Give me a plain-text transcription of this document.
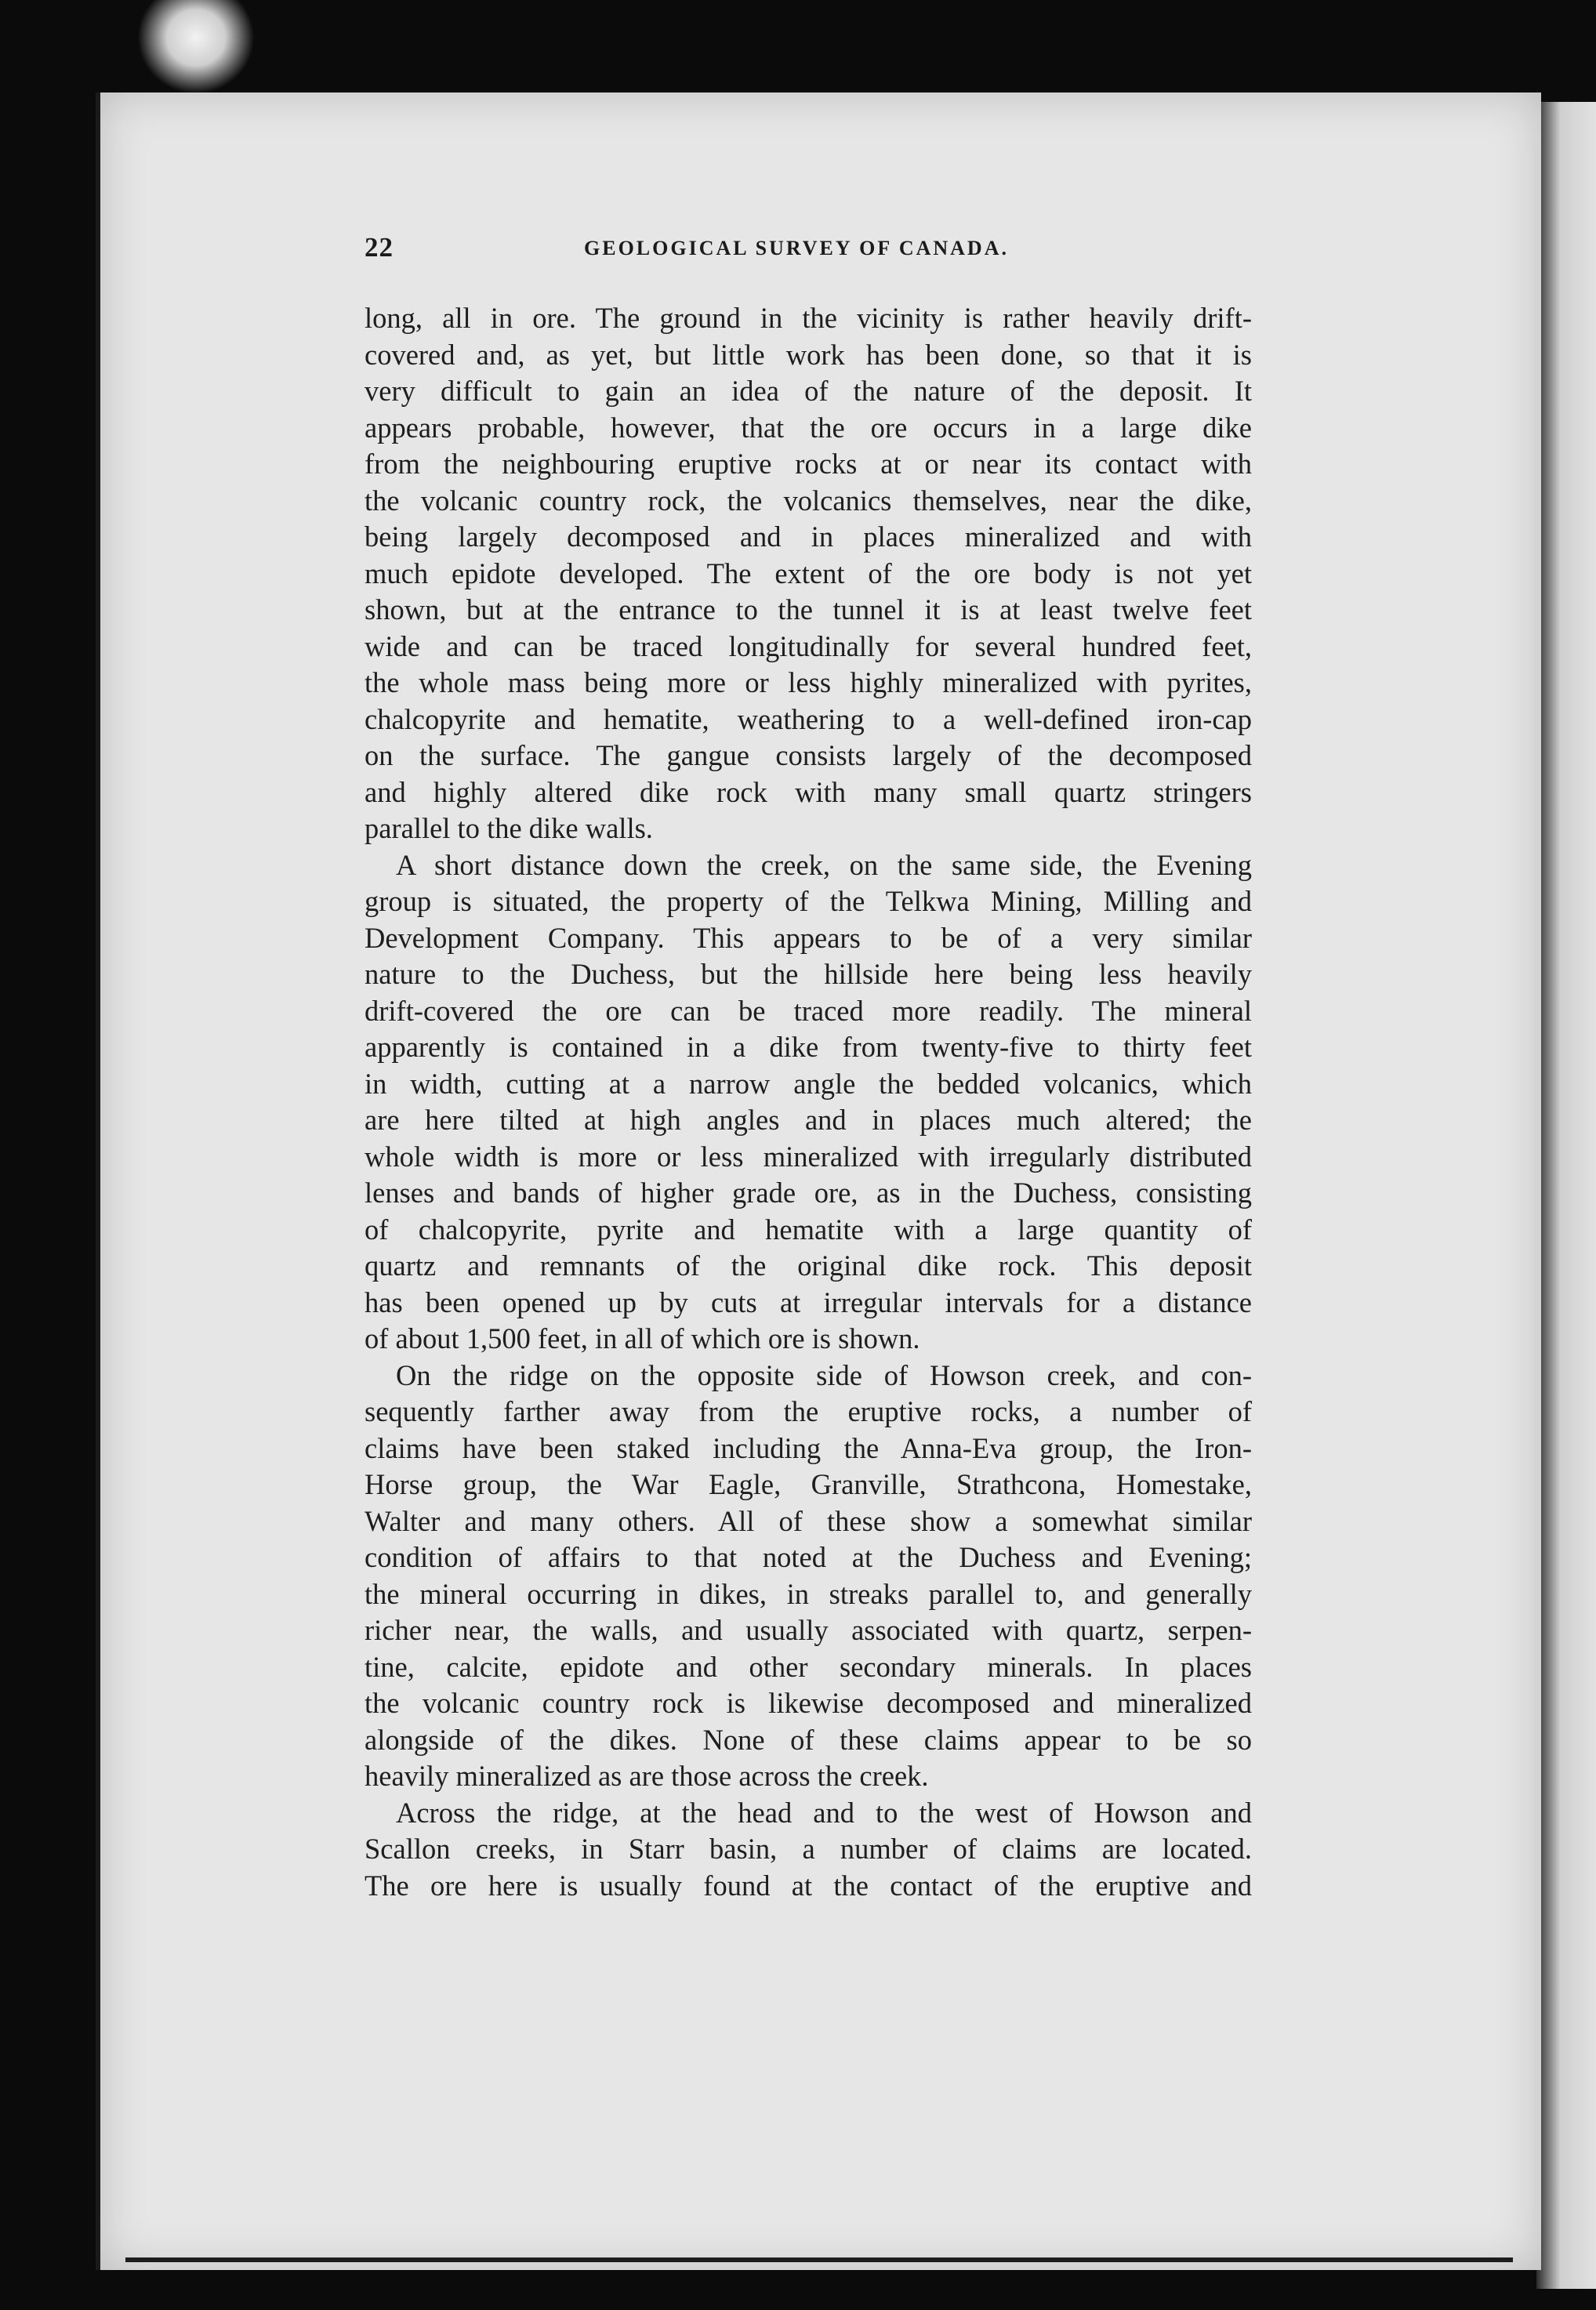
22	GEOLOGICAL SURVEY OF CANADA.
long, all in ore. The ground in the vicinity is rather heavily drift-
covered and, as yet, but little work has been done, so that it is
very difficult to gain an idea of the nature of the deposit. It
appears probable, however, that the ore occurs in a large dike
from the neighbouring eruptive rocks at or near its contact with
the volcanic country rock, the volcanics themselves, near the dike,
being largely decomposed and in places mineralized and with
much epidote developed. The extent of the ore body is not yet
shown, but at the entrance to the tunnel it is at least twelve feet
wide and can be traced longitudinally for several hundred feet,
the whole mass being more or less highly mineralized with pyrites,
chalcopyrite and hematite, weathering to a well-defined iron-cap
on the surface. The gangue consists largely of the decomposed
and highly altered dike rock with many small quartz stringers
parallel to the dike walls.
A short distance down the creek, on the same side, the Evening
group is situated, the property of the Telkwa Mining, Milling and
Development Company. This appears to be of a very similar
nature to the Duchess, but the hillside here being less heavily
drift-covered the ore can be traced more readily. The mineral
apparently is contained in a dike from twenty-five to thirty feet
in width, cutting at a narrow angle the bedded volcanics, which
are here tilted at high angles and in places much altered; the
whole width is more or less mineralized with irregularly distributed
lenses and bands of higher grade ore, as in the Duchess, consisting
of chalcopyrite, pyrite and hematite with a large quantity of
quartz and remnants of the original dike rock. This deposit
has been opened up by cuts at irregular intervals for a distance
of about 1,500 feet, in all of which ore is shown.
On the ridge on the opposite side of Howson creek, and con-
sequently farther away from the eruptive rocks, a number of
claims have been staked including the Anna-Eva group, the Iron-
Horse group, the War Eagle, Granville, Strathcona, Homestake,
Walter and many others. All of these show a somewhat similar
condition of affairs to that noted at the Duchess and Evening;
the mineral occurring in dikes, in streaks parallel to, and generally
richer near, the walls, and usually associated with quartz, serpen-
tine, calcite, epidote and other secondary minerals. In places
the volcanic country rock is likewise decomposed and mineralized
alongside of the dikes. None of these claims appear to be so
heavily mineralized as are those across the creek.
Across the ridge, at the head and to the west of Howson and
Scallon creeks, in Starr basin, a number of claims are located.
The ore here is usually found at the contact of the eruptive and
